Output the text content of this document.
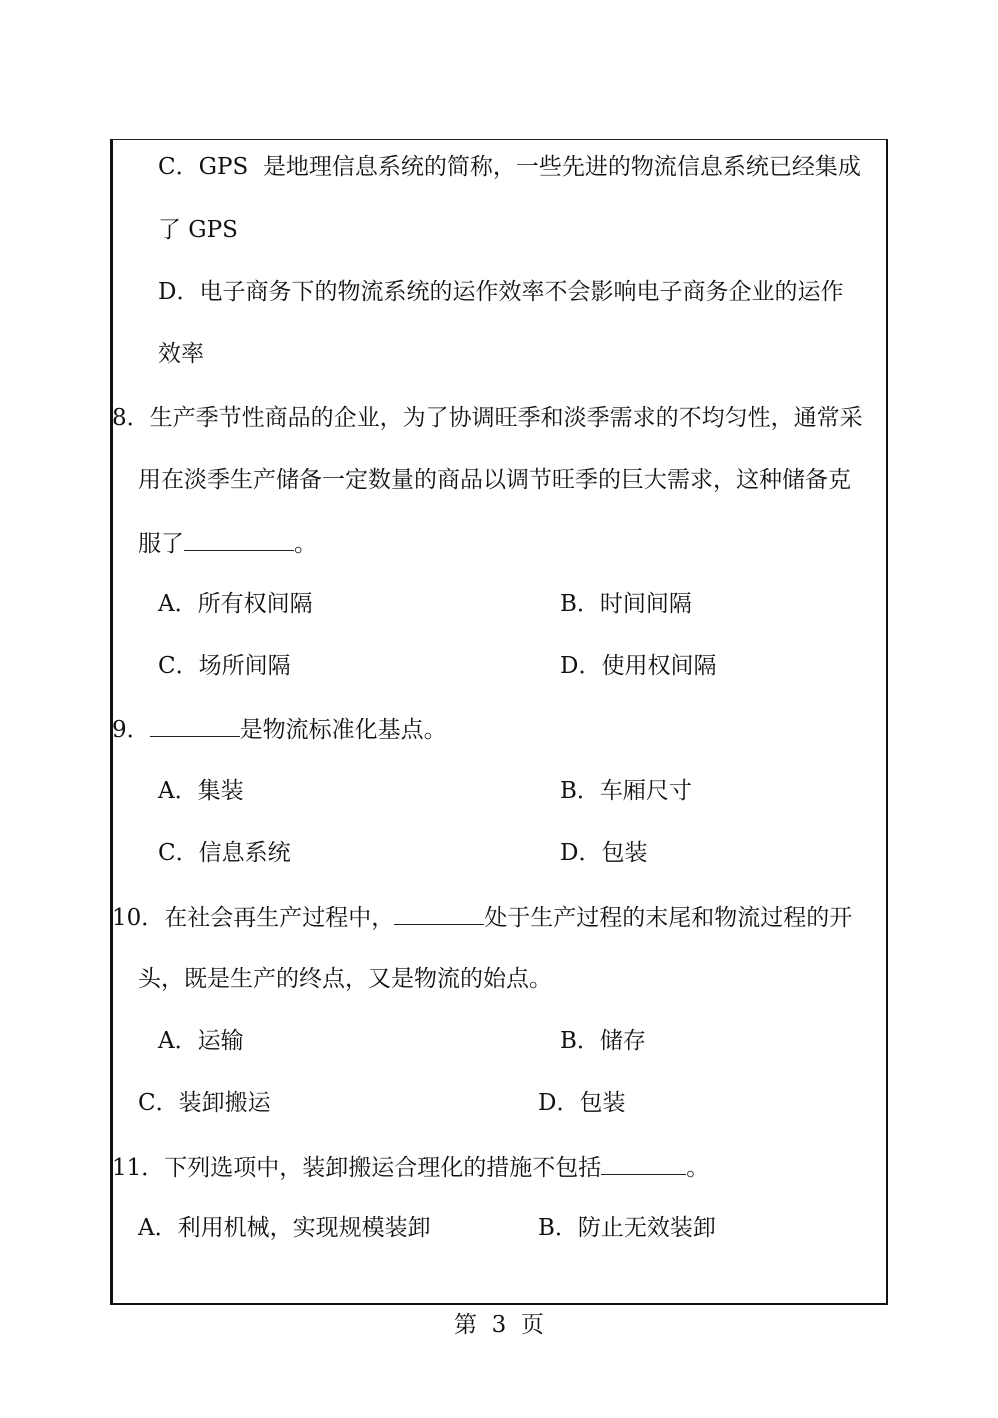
C．GPS  是地理信息系统的简称，一些先进的物流信息系统已经集成
了 GPS
D．电子商务下的物流系统的运作效率不会影响电子商务企业的运作
效率
8．生产季节性商品的企业，为了协调旺季和淡季需求的不均匀性，通常采
用在淡季生产储备一定数量的商品以调节旺季的巨大需求，这种储备克
服了	。
A．所有权间隔	B．时间间隔
C．场所间隔	D．使用权间隔
9．	是物流标准化基点。
A．集装	B．车厢尺寸
C．信息系统	D．包装
10．在社会再生产过程中，	处于生产过程的末尾和物流过程的开
头，既是生产的终点，又是物流的始点。
A．运输	B．储存
C．装卸搬运	D．包装
11．下列选项中，装卸搬运合理化的措施不包括	。
A．利用机械，实现规模装卸	B．防止无效装卸
第  3  页
